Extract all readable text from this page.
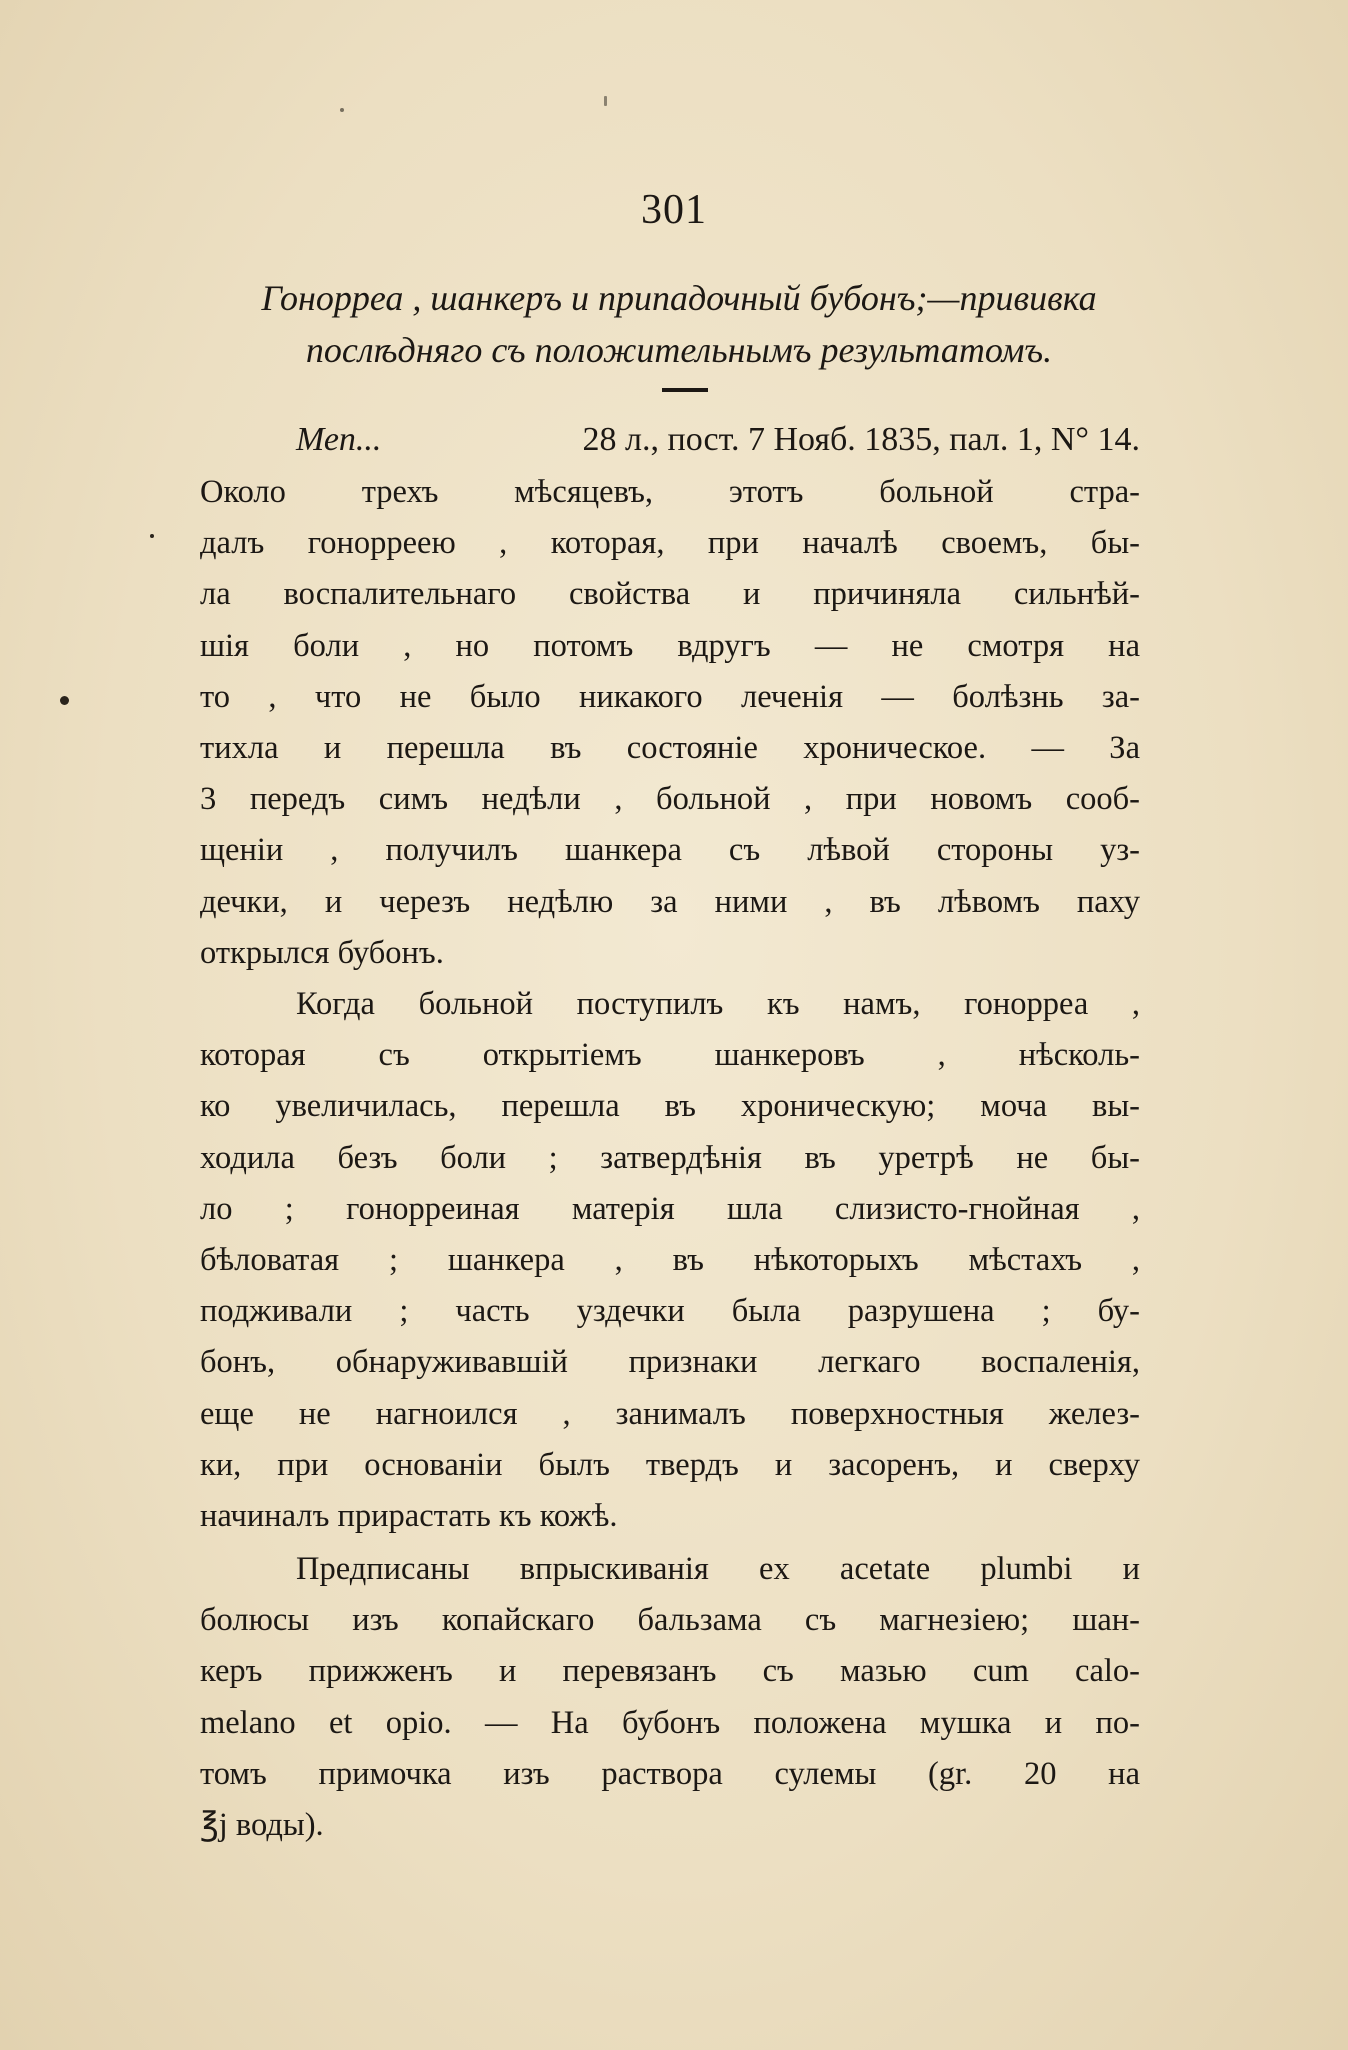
301
Гонорреа , шанкеръ и припадочный бубонъ;—прививка
послѣдняго съ положительнымъ результатомъ.
Меп...	28 л., пост. 7 Нояб. 1835, пал. 1, N° 14.
Около трехъ мѣсяцевъ, этотъ больной стра-
далъ гонорреею , которая, при началѣ своемъ, бы-
ла воспалительнаго свойства и причиняла сильнѣй-
шія боли , но потомъ вдругъ — не смотря на
то , что не было никакого леченія — болѣзнь за-
тихла и перешла въ состояніе хроническое. — За
3 передъ симъ недѣли , больной , при новомъ сооб-
щеніи , получилъ шанкера съ лѣвой стороны уз-
дечки, и черезъ недѣлю за ними , въ лѣвомъ паху
открылся бубонъ.
Когда больной поступилъ къ намъ, гонорреа ,
которая съ открытіемъ шанкеровъ , нѣсколь-
ко увеличилась, перешла въ хроническую; моча вы-
ходила безъ боли ; затвердѣнія въ уретрѣ не бы-
ло ; гонорреиная матерія шла слизисто-гнойная ,
бѣловатая ; шанкера , въ нѣкоторыхъ мѣстахъ ,
подживали ; часть уздечки была разрушена ; бу-
бонъ, обнаруживавшій признаки легкаго воспаленія,
еще не нагноился , занималъ поверхностныя желез-
ки, при основаніи былъ твердъ и засоренъ, и сверху
начиналъ прирастать къ кожѣ.
Предписаны впрыскиванія ex acetate plumbi и
болюсы изъ копайскаго бальзама съ магнезіею; шан-
керъ прижженъ и перевязанъ съ мазью cum calo-
melano et opio. — На бубонъ положена мушка и по-
томъ примочка изъ раствора сулемы (gr. 20 на
℥j воды).
